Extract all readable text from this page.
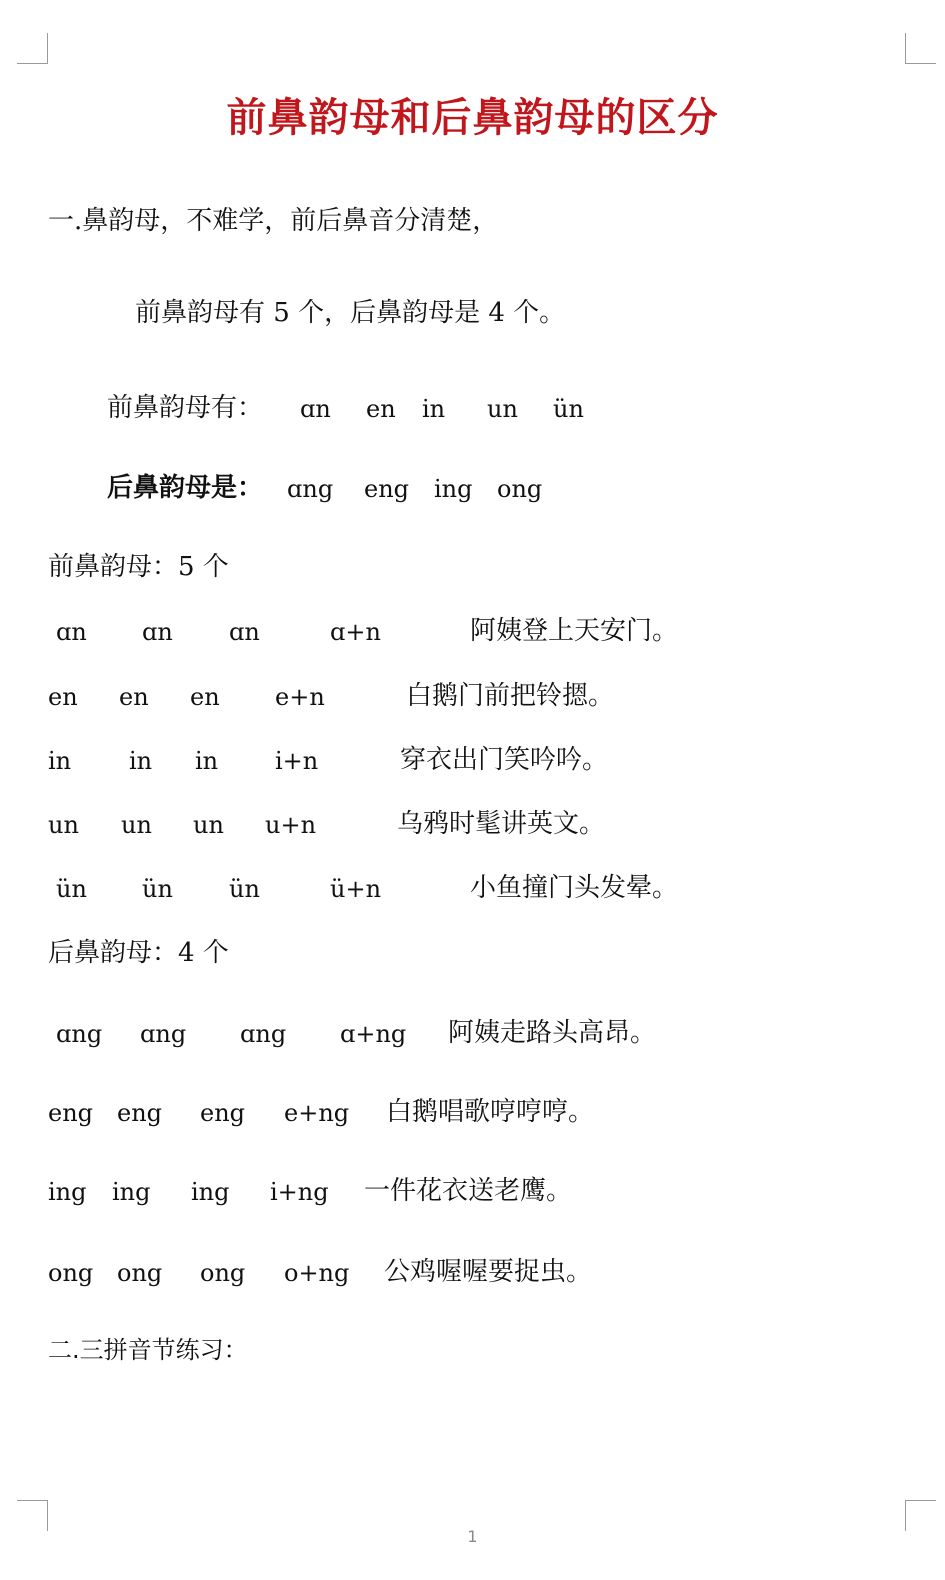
前鼻韵母和后鼻韵母的区分
一.鼻韵母，不难学，前后鼻音分清楚，
前鼻韵母有 5 个，后鼻韵母是 4 个。
前鼻韵母有： ɑn en in un ün
后鼻韵母是： ɑng eng ing ong
前鼻韵母：5 个
ɑn ɑn ɑn	ɑ+n	阿姨登上天安门。
en en en e+n	白鹅门前把铃摁。
in in in i+n	穿衣出门笑吟吟。
un un un u+n	乌鸦时髦讲英文。
ün ün ün	ü+n	小鱼撞门头发晕。
后鼻韵母：4 个
ɑng ɑng ɑng ɑ+ng 阿姨走路头高昂。
eng eng eng e+ng 白鹅唱歌哼哼哼。
ing ing ing i+ng 一件花衣送老鹰。
ong ong ong o+ng 公鸡喔喔要捉虫。
二.三拼音节练习：
1
